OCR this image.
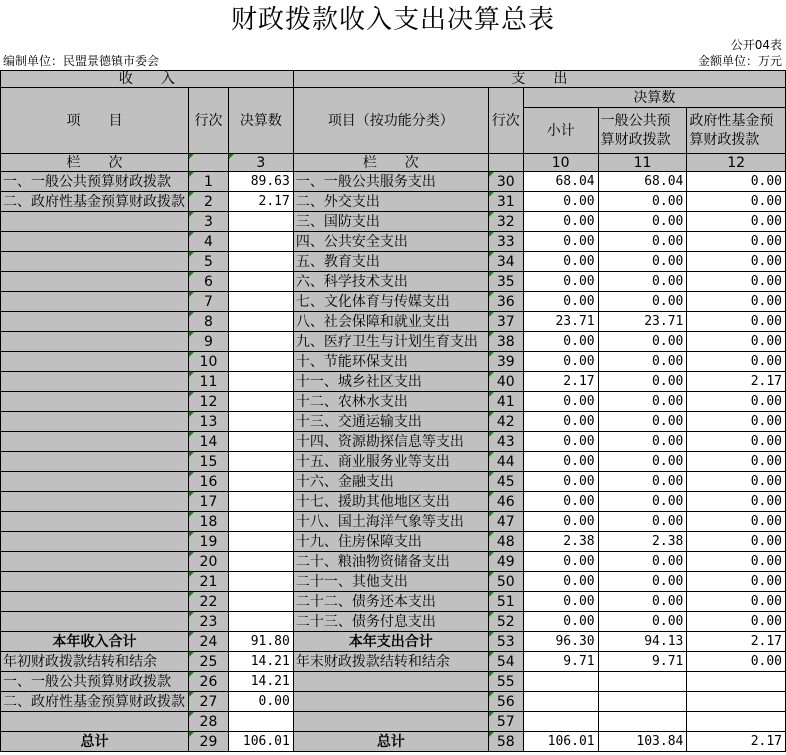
财政拨款收入支出决算总表
公开04表
编制单位：民盟景德镇市委会	金额单位：万元
收　　入			支　　出				
项　　目	行次	决算数	项目（按功能分类）	行次	决算数		
					小计	一般公共预算财政拨款	政府性基金预算财政拨款
栏　　次		3	栏　　次		10	11	12
一、一般公共预算财政拨款	1	89.63	一、一般公共服务支出	30	68.04	68.04	0.00
二、政府性基金预算财政拨款	2	2.17	二、外交支出	31	0.00	0.00	0.00
	3		三、国防支出	32	0.00	0.00	0.00
	4		四、公共安全支出	33	0.00	0.00	0.00
	5		五、教育支出	34	0.00	0.00	0.00
	6		六、科学技术支出	35	0.00	0.00	0.00
	7		七、文化体育与传媒支出	36	0.00	0.00	0.00
	8		八、社会保障和就业支出	37	23.71	23.71	0.00
	9		九、医疗卫生与计划生育支出	38	0.00	0.00	0.00
	10		十、节能环保支出	39	0.00	0.00	0.00
	11		十一、城乡社区支出	40	2.17	0.00	2.17
	12		十二、农林水支出	41	0.00	0.00	0.00
	13		十三、交通运输支出	42	0.00	0.00	0.00
	14		十四、资源勘探信息等支出	43	0.00	0.00	0.00
	15		十五、商业服务业等支出	44	0.00	0.00	0.00
	16		十六、金融支出	45	0.00	0.00	0.00
	17		十七、援助其他地区支出	46	0.00	0.00	0.00
	18		十八、国土海洋气象等支出	47	0.00	0.00	0.00
	19		十九、住房保障支出	48	2.38	2.38	0.00
	20		二十、粮油物资储备支出	49	0.00	0.00	0.00
	21		二十一、其他支出	50	0.00	0.00	0.00
	22		二十二、债务还本支出	51	0.00	0.00	0.00
	23		二十三、债务付息支出	52	0.00	0.00	0.00
本年收入合计	24	91.80	本年支出合计	53	96.30	94.13	2.17
年初财政拨款结转和结余	25	14.21	年末财政拨款结转和结余	54	9.71	9.71	0.00
一、一般公共预算财政拨款	26	14.21		55			
二、政府性基金预算财政拨款	27	0.00		56			
	28			57			
总计	29	106.01	总计	58	106.01	103.84	2.17
